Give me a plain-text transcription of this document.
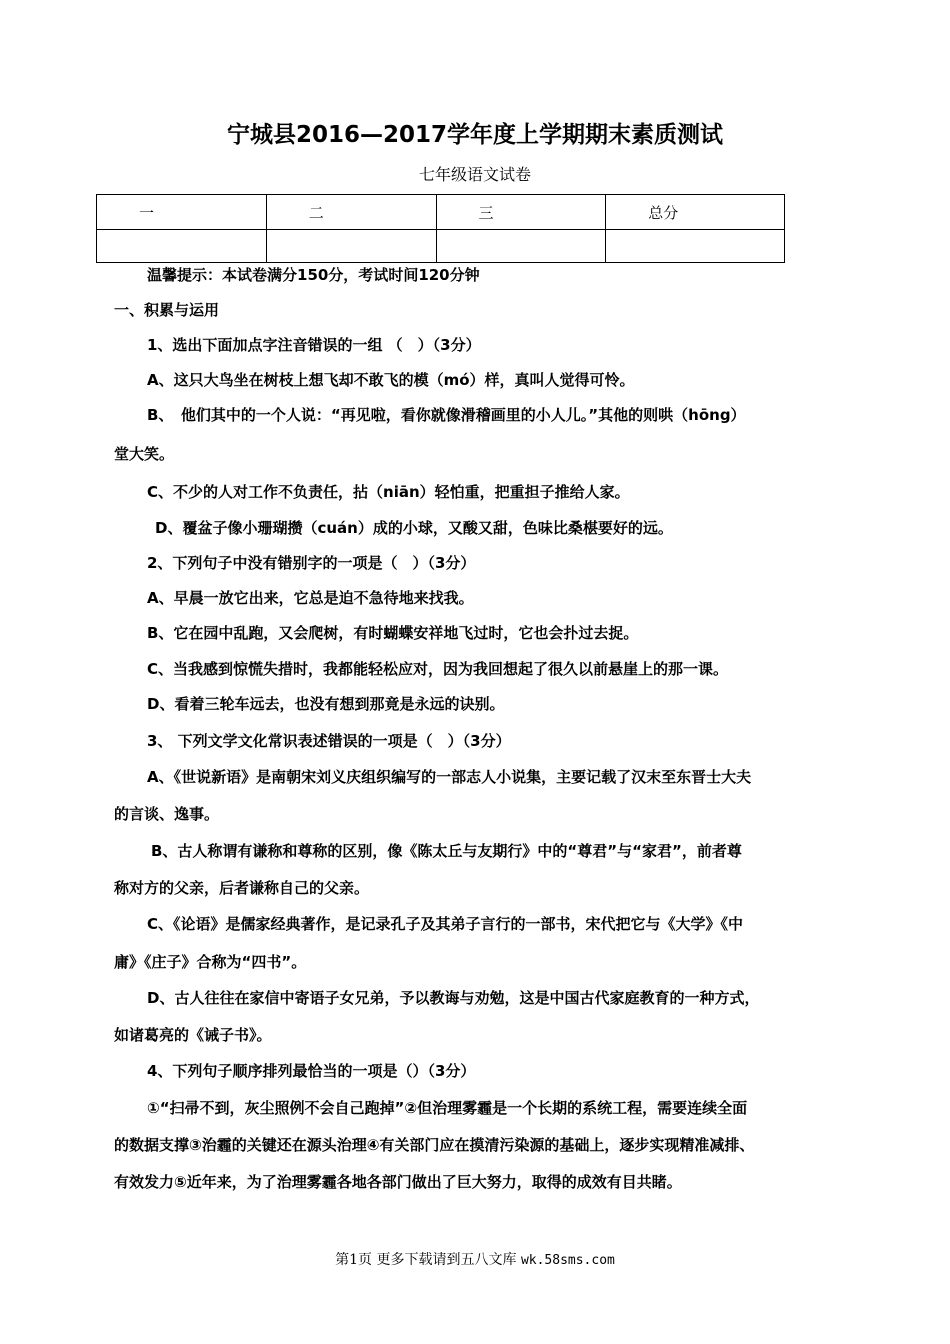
宁城县2016—2017学年度上学期期末素质测试
七年级语文试卷
一	二	三	总分

温馨提示：本试卷满分150分，考试时间120分钟
一、积累与运用
1、选出下面加点字注音错误的一组 （　）（3分）
A、这只大鸟坐在树枝上想飞却不敢飞的模（mó）样，真叫人觉得可怜。
B、　他们其中的一个人说：“再见啦，看你就像滑稽画里的小人儿。”其他的则哄（hōng）
堂大笑。
C、不少的人对工作不负责任，拈（niān）轻怕重，把重担子推给人家。
D、覆盆子像小珊瑚攒（cuán）成的小球，又酸又甜，色味比桑椹要好的远。
2、下列句子中没有错别字的一项是（　）（3分）
A、早晨一放它出来，它总是迫不急待地来找我。
B、它在园中乱跑，又会爬树，有时蝴蝶安祥地飞过时，它也会扑过去捉。
C、当我感到惊慌失措时，我都能轻松应对，因为我回想起了很久以前悬崖上的那一课。
D、看着三轮车远去，也没有想到那竟是永远的诀别。
3、 下列文学文化常识表述错误的一项是（　）（3分）
A、《世说新语》是南朝宋刘义庆组织编写的一部志人小说集，主要记载了汉末至东晋士大夫
的言谈、逸事。
B、古人称谓有谦称和尊称的区别，像《陈太丘与友期行》中的“尊君”与“家君”，前者尊
称对方的父亲，后者谦称自己的父亲。
C、《论语》是儒家经典著作，是记录孔子及其弟子言行的一部书，宋代把它与《大学》《中
庸》《庄子》合称为“四书”。
D、古人往往在家信中寄语子女兄弟，予以教诲与劝勉，这是中国古代家庭教育的一种方式，
如诸葛亮的《诫子书》。
4、下列句子顺序排列最恰当的一项是（）（3分）
①“扫帚不到，灰尘照例不会自己跑掉”②但治理雾霾是一个长期的系统工程，需要连续全面
的数据支撑③治霾的关键还在源头治理④有关部门应在摸清污染源的基础上，逐步实现精准减排、
有效发力⑤近年来，为了治理雾霾各地各部门做出了巨大努力，取得的成效有目共睹。
第1页 更多下载请到五八文库 wk.58sms.com
